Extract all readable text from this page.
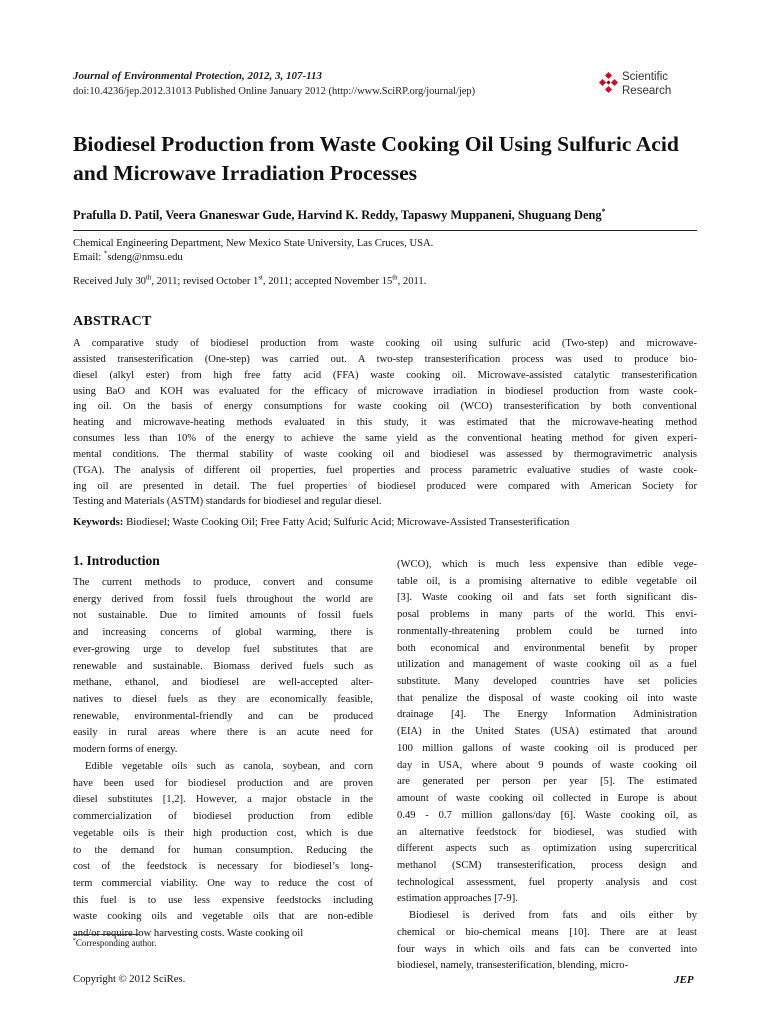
Journal of Environmental Protection, 2012, 3, 107-113
doi:10.4236/jep.2012.31013 Published Online January 2012 (http://www.SciRP.org/journal/jep)
Scientific
Research
Biodiesel Production from Waste Cooking Oil Using Sulfuric Acid and Microwave Irradiation Processes
Prafulla D. Patil, Veera Gnaneswar Gude, Harvind K. Reddy, Tapaswy Muppaneni, Shuguang Deng*
Chemical Engineering Department, New Mexico State University, Las Cruces, USA.
Email: *sdeng@nmsu.edu
Received July 30th, 2011; revised October 1st, 2011; accepted November 15th, 2011.
ABSTRACT
A comparative study of biodiesel production from waste cooking oil using sulfuric acid (Two-step) and microwave-
assisted transesterification (One-step) was carried out. A two-step transesterification process was used to produce bio-
diesel (alkyl ester) from high free fatty acid (FFA) waste cooking oil. Microwave-assisted catalytic transesterification
using BaO and KOH was evaluated for the efficacy of microwave irradiation in biodiesel production from waste cook-
ing oil. On the basis of energy consumptions for waste cooking oil (WCO) transesterification by both conventional
heating and microwave-heating methods evaluated in this study, it was estimated that the microwave-heating method
consumes less than 10% of the energy to achieve the same yield as the conventional heating method for given experi-
mental conditions. The thermal stability of waste cooking oil and biodiesel was assessed by thermogravimetric analysis
(TGA). The analysis of different oil properties, fuel properties and process parametric evaluative studies of waste cook-
ing oil are presented in detail. The fuel properties of biodiesel produced were compared with American Society for
Testing and Materials (ASTM) standards for biodiesel and regular diesel.
Keywords: Biodiesel; Waste Cooking Oil; Free Fatty Acid; Sulfuric Acid; Microwave-Assisted Transesterification
1. Introduction

The current methods to produce, convert and consume

energy derived from fossil fuels throughout the world are

not sustainable. Due to limited amounts of fossil fuels

and increasing concerns of global warming, there is

ever-growing urge to develop fuel substitutes that are

renewable and sustainable. Biomass derived fuels such as

methane, ethanol, and biodiesel are well-accepted alter-

natives to diesel fuels as they are economically feasible,

renewable, environmental-friendly and can be produced

easily in rural areas where there is an acute need for

modern forms of energy.

Edible vegetable oils such as canola, soybean, and corn

have been used for biodiesel production and are proven

diesel substitutes [1,2]. However, a major obstacle in the

commercialization of biodiesel production from edible

vegetable oils is their high production cost, which is due

to the demand for human consumption. Reducing the

cost of the feedstock is necessary for biodiesel’s long-

term commercial viability. One way to reduce the cost of

this fuel is to use less expensive feedstocks including

waste cooking oils and vegetable oils that are non-edible

and/or require low harvesting costs. Waste cooking oil

(WCO), which is much less expensive than edible vege-

table oil, is a promising alternative to edible vegetable oil

[3]. Waste cooking oil and fats set forth significant dis-

posal problems in many parts of the world. This envi-

ronmentally-threatening problem could be turned into

both economical and environmental benefit by proper

utilization and management of waste cooking oil as a fuel

substitute. Many developed countries have set policies

that penalize the disposal of waste cooking oil into waste

drainage [4]. The Energy Information Administration

(EIA) in the United States (USA) estimated that around

100 million gallons of waste cooking oil is produced per

day in USA, where about 9 pounds of waste cooking oil

are generated per person per year [5]. The estimated

amount of waste cooking oil collected in Europe is about

0.49 - 0.7 million gallons/day [6]. Waste cooking oil, as

an alternative feedstock for biodiesel, was studied with

different aspects such as optimization using supercritical

methanol (SCM) transesterification, process design and

technological assessment, fuel property analysis and cost

estimation approaches [7-9].

Biodiesel is derived from fats and oils either by

chemical or bio-chemical means [10]. There are at least

four ways in which oils and fats can be converted into

biodiesel, namely, transesterification, blending, micro-

*Corresponding author.
Copyright © 2012 SciRes.	JEP
